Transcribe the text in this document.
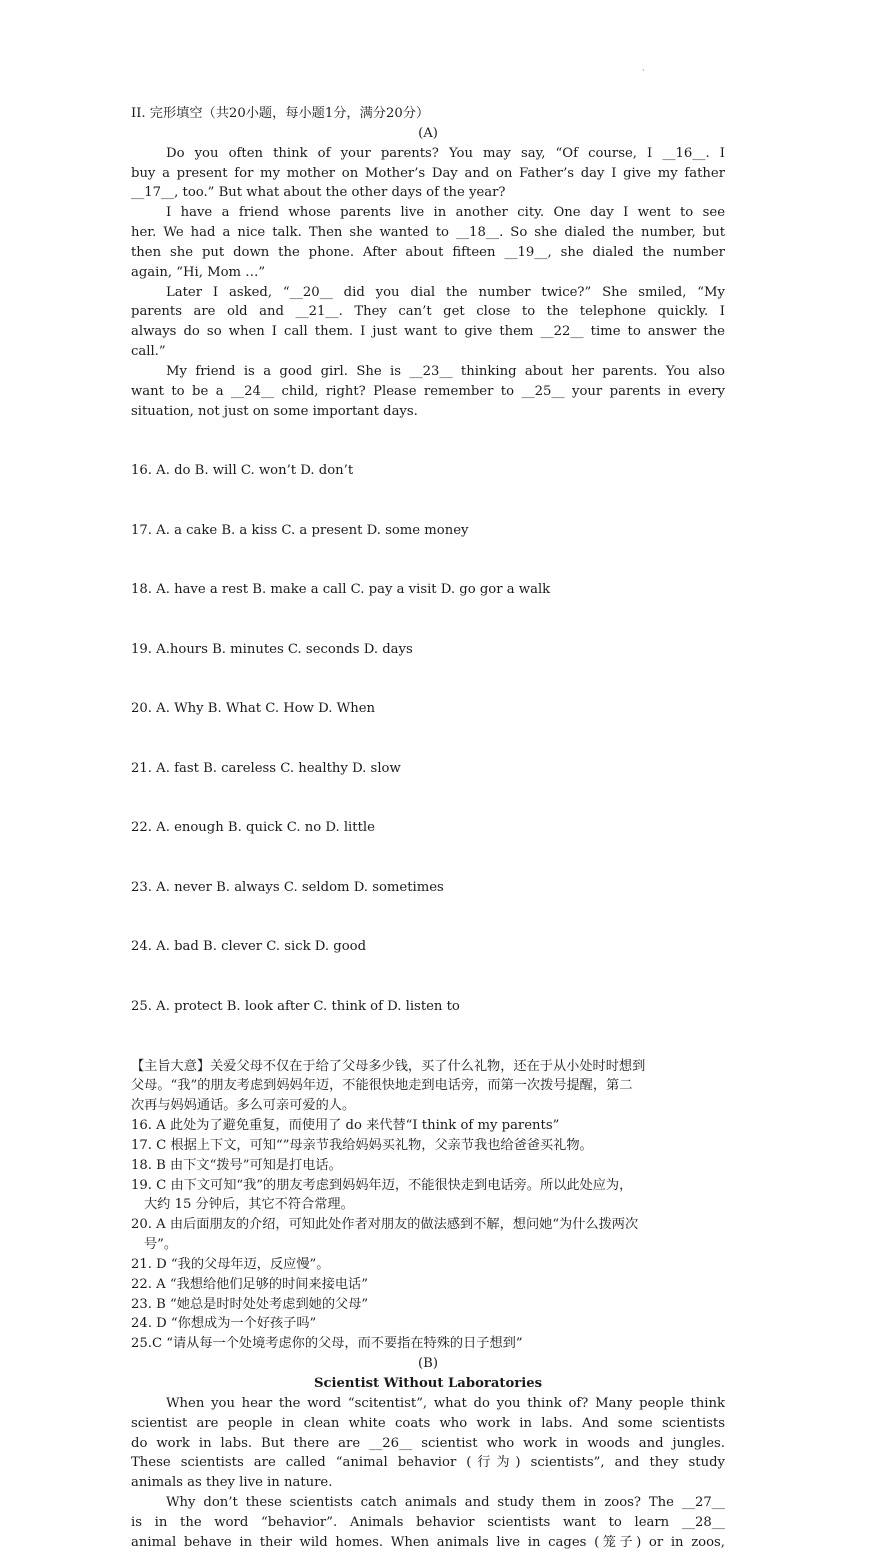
·
II. 完形填空（共20小题，每小题1分，满分20分）
(A)
Do you often think of your parents? You may say, “Of course, I __16__. I
buy a present for my mother on Mother’s Day and on Father’s day I give my father
__17__, too.” But what about the other days of the year?
I have a friend whose parents live in another city. One day I went to see
her. We had a nice talk. Then she wanted to __18__. So she dialed the number, but
then she put down the phone. After about fifteen __19__, she dialed the number
again, “Hi, Mom …”
Later I asked, “__20__ did you dial the number twice?” She smiled, “My
parents are old and __21__. They can’t get close to the telephone quickly. I
always do so when I call them. I just want to give them __22__ time to answer the
call.”
My friend is a good girl. She is __23__ thinking about her parents. You also
want to be a __24__ child, right? Please remember to __25__ your parents in every
situation, not just on some important days.

16. A. do B. will C. won’t D. don’t

17. A. a cake B. a kiss C. a present D. some money

18. A. have a rest B. make a call C. pay a visit D. go gor a walk

19. A.hours B. minutes C. seconds D. days

20. A. Why B. What C. How D. When

21. A. fast B. careless C. healthy D. slow

22. A. enough B. quick C. no D. little

23. A. never B. always C. seldom D. sometimes

24. A. bad B. clever C. sick D. good

25. A. protect B. look after C. think of D. listen to

【主旨大意】关爱父母不仅在于给了父母多少钱，买了什么礼物，还在于从小处时时想到
父母。“我”的朋友考虑到妈妈年迈，不能很快地走到电话旁，而第一次拨号提醒，第二
次再与妈妈通话。多么可亲可爱的人。
16. A 此处为了避免重复，而使用了 do 来代替“I think of my parents”
17. C 根据上下文，可知“”母亲节我给妈妈买礼物，父亲节我也给爸爸买礼物。
18. B 由下文“拨号”可知是打电话。
19. C 由下文可知“我”的朋友考虑到妈妈年迈，不能很快走到电话旁。所以此处应为，
大约 15 分钟后，其它不符合常理。
20. A 由后面朋友的介绍，可知此处作者对朋友的做法感到不解，想问她“为什么拨两次
号”。
21. D “我的父母年迈，反应慢”。
22. A “我想给他们足够的时间来接电话”
23. B “她总是时时处处考虑到她的父母”
24. D “你想成为一个好孩子吗”
25.C “请从每一个处境考虑你的父母，而不要指在特殊的日子想到”
(B)
Scientist Without Laboratories
When you hear the word “scitentist”, what do you think of? Many people think
scientist are people in clean white coats who work in labs. And some scientists
do work in labs. But there are __26__ scientist who work in woods and jungles.
These scientists are called “animal behavior (行为) scientists”, and they study
animals as they live in nature.
Why don’t these scientists catch animals and study them in zoos? The __27__
is in the word “behavior”. Animals behavior scientists want to learn __28__
animal behave in their wild homes. When animals live in cages (笼子) or in zoos,
